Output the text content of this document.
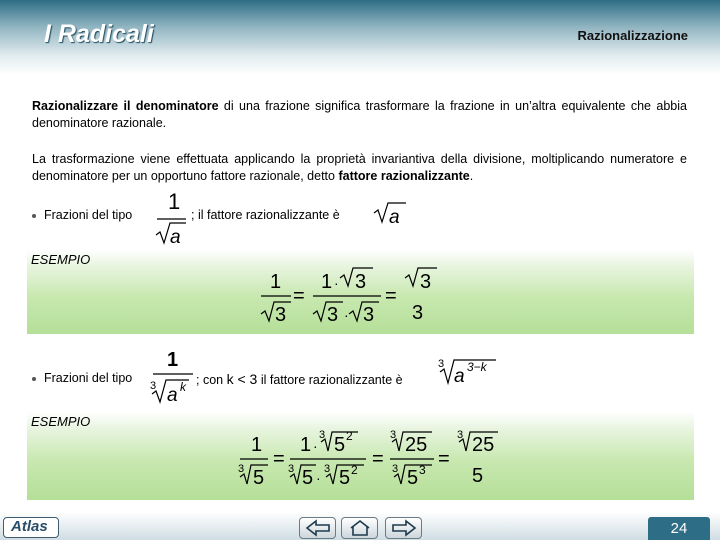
I Radicali	Razionalizzazione
Razionalizzare il denominatore di una frazione significa trasformare la frazione in un’altra equivalente che abbia denominatore razionale.
La trasformazione viene effettuata applicando la proprietà invariantiva della divisione, moltiplicando numeratore e denominatore per un opportuno fattore razionale, detto fattore razionalizzante.
Frazioni del tipo
1
a
; il fattore razionalizzante è	a
ESEMPIO
1
3
=
1 · 3
3 · 3
=
3
3
Frazioni del tipo
1
3 a k ; con k < 3 il fattore razionalizzante è
3
a 3−k
ESEMPIO
1
3 5
=
1 ·
3 5 2
3 5 ·
3 5 2 =
3 25
3 5 3 =
3 25
5
Atlas	24
